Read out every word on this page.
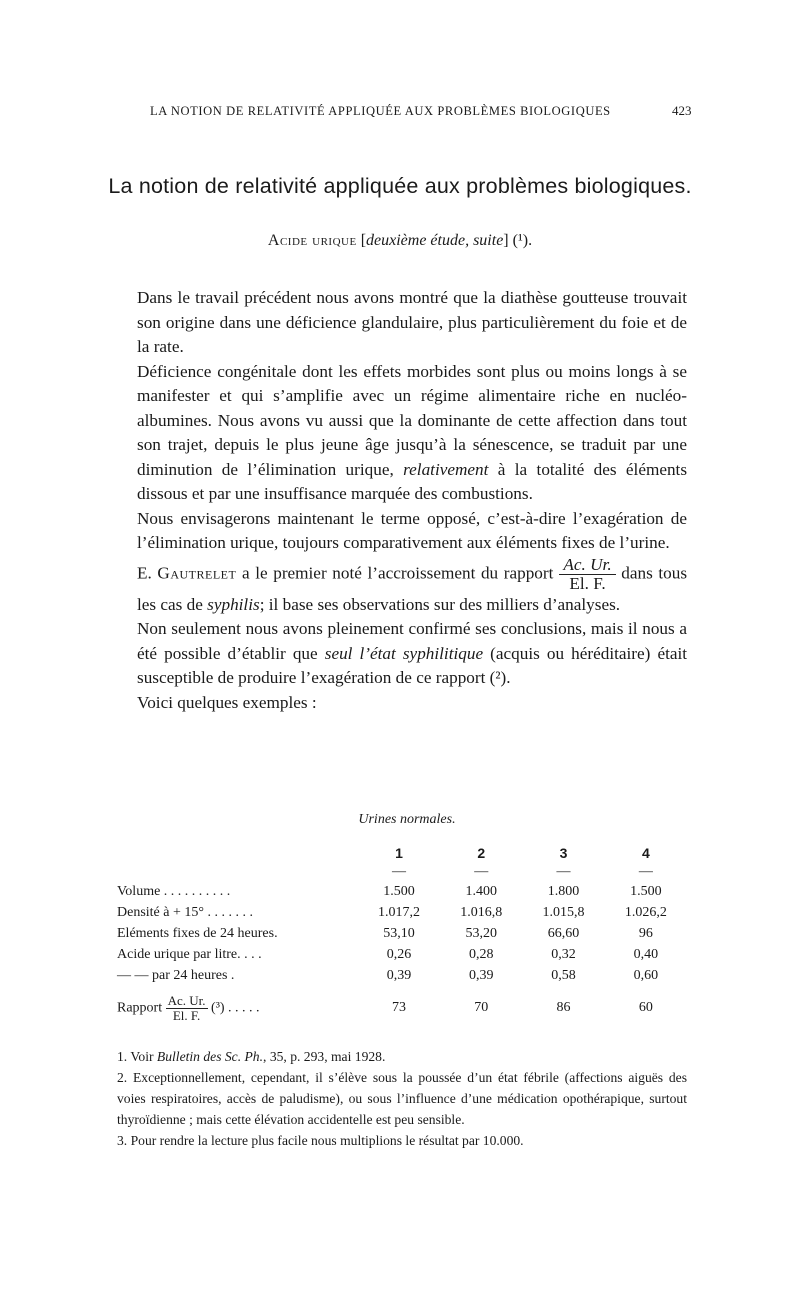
LA NOTION DE RELATIVITÉ APPLIQUÉE AUX PROBLÈMES BIOLOGIQUES	423
La notion de relativité appliquée aux problèmes biologiques.
Acide urique [deuxième étude, suite] (¹).

Dans le travail précédent nous avons montré que la diathèse goutteuse trouvait son origine dans une déficience glandulaire, plus particulièrement du foie et de la rate.

Déficience congénitale dont les effets morbides sont plus ou moins longs à se manifester et qui s’amplifie avec un régime alimentaire riche en nucléo-albumines. Nous avons vu aussi que la dominante de cette affection dans tout son trajet, depuis le plus jeune âge jusqu’à la sénescence, se traduit par une diminution de l’élimination urique, relativement à la totalité des éléments dissous et par une insuffisance marquée des combustions.

Nous envisagerons maintenant le terme opposé, c’est-à-dire l’exagération de l’élimination urique, toujours comparativement aux éléments fixes de l’urine.

E. Gautrelet a le premier noté l’accroissement du rapport $\frac{Ac. Ur.}{El. F.}$ dans tous les cas de syphilis; il base ses observations sur des milliers d’analyses.

Non seulement nous avons pleinement confirmé ses conclusions, mais il nous a été possible d’établir que seul l’état syphilitique (acquis ou héréditaire) était susceptible de produire l’exagération de ce rapport (²).

Voici quelques exemples :

Urines normales.
	1	2	3	4
	—	—	—	—
Volume . . . . . . . . . .	1.500	1.400	1.800	1.500
Densité à + 15° . . . . . . .	1.017,2	1.016,8	1.015,8	1.026,2
Eléments fixes de 24 heures.	53,10	53,20	66,60	96
Acide urique par litre. . . .	0,26	0,28	0,32	0,40
— — par 24 heures .	0,39	0,39	0,58	0,60
Rapport $\frac{Ac. Ur.}{El. F.} (^3)$ . . . . .	73	70	86	60

1. Voir Bulletin des Sc. Ph., 35, p. 293, mai 1928.

2. Exceptionnellement, cependant, il s’élève sous la poussée d’un état fébrile (affections aiguës des voies respiratoires, accès de paludisme), ou sous l’influence d’une médication opothérapique, surtout thyroïdienne ; mais cette élévation accidentelle est peu sensible.

3. Pour rendre la lecture plus facile nous multiplions le résultat par 10.000.
